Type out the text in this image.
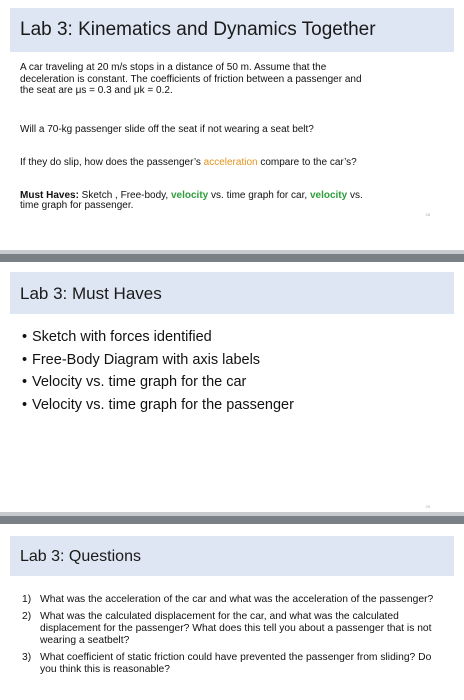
Lab 3: Kinematics and Dynamics Together
A car traveling at 20 m/s stops in a distance of 50 m. Assume that the
deceleration is constant. The coefficients of friction between a passenger and
the seat are μs = 0.3 and μk = 0.2.
Will a 70-kg passenger slide off the seat if not wearing a seat belt?
If they do slip, how does the passenger’s acceleration compare to the car’s?
Must Haves: Sketch , Free-body, velocity vs. time graph for car, velocity vs.
time graph for passenger.
28
Lab 3: Must Haves
• Sketch with forces identified
• Free-Body Diagram with axis labels
• Velocity vs. time graph for the car
• Velocity vs. time graph for the passenger
29
Lab 3: Questions
1) What was the acceleration of the car and what was the acceleration of the passenger?
2) What was the calculated displacement for the car, and what was the calculated displacement for the passenger? What does this tell you about a passenger that is not wearing a seatbelt?
3) What coefficient of static friction could have prevented the passenger from sliding? Do you think this is reasonable?
